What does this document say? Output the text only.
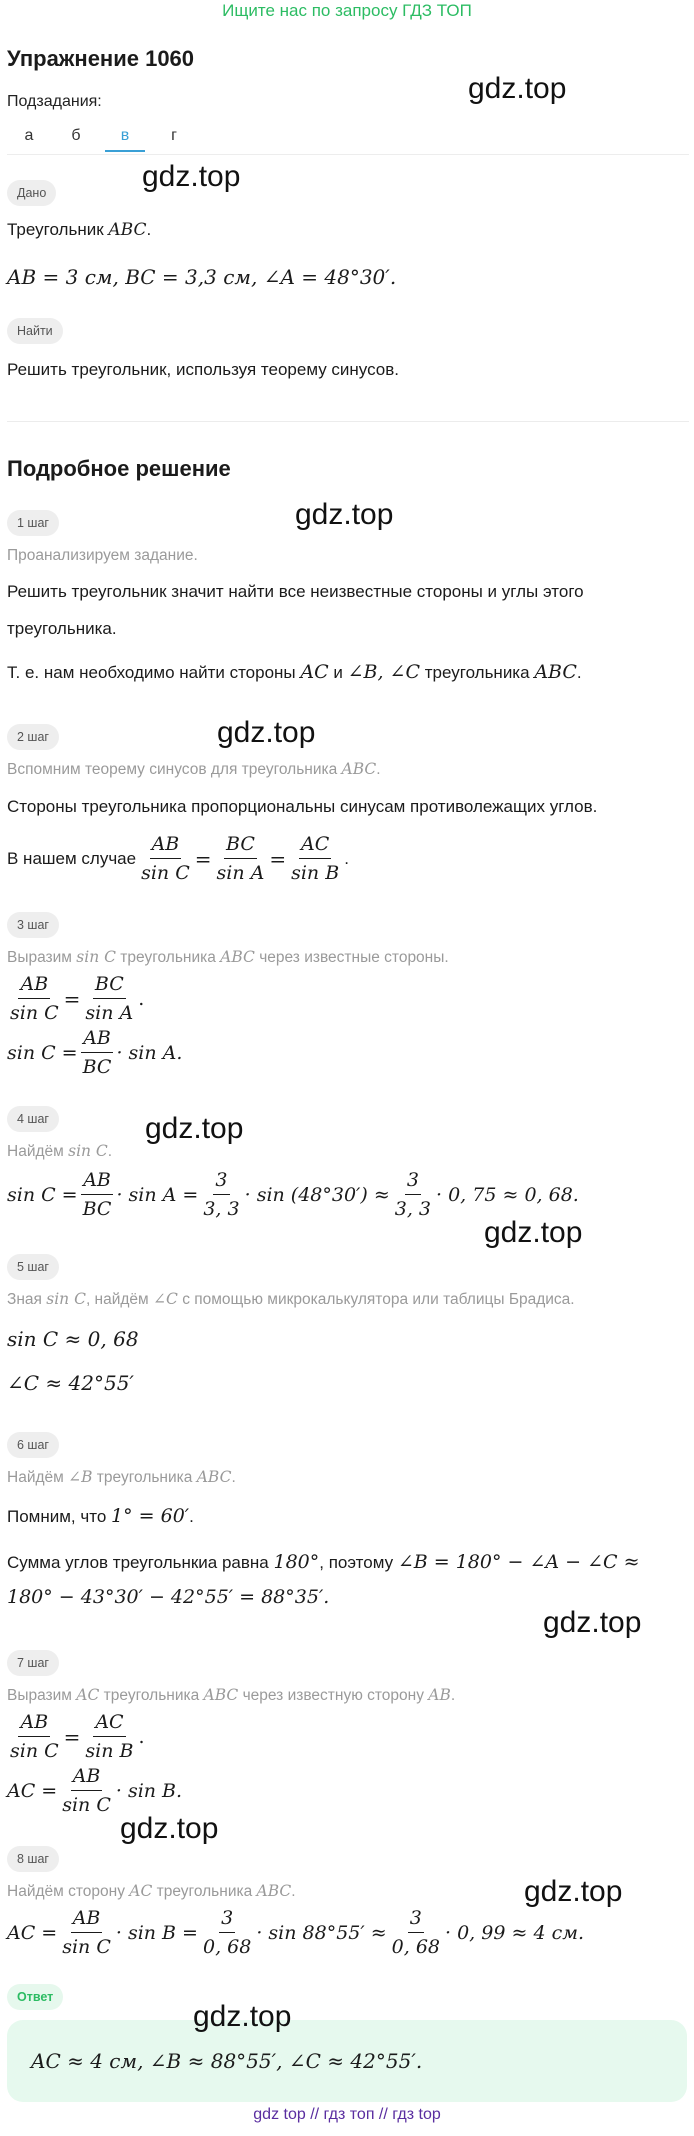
Ищите нас по запросу ГДЗ ТОП
Упражнение 1060
Подзадания:
а	б	в	г
Дано
Треугольник ABC.
AB = 3 см, BC = 3,3 см, ∠A = 48°30′.
Найти
Решить треугольник, используя теорему синусов.
Подробное решение
1 шаг
Проанализируем задание.
Решить треугольник значит найти все неизвестные стороны и углы этого
треугольника.
Т. е. нам необходимо найти стороны AC и ∠B, ∠C треугольника ABC.
2 шаг
Вспомним теорему синусов для треугольника ABC.
Стороны треугольника пропорциональны синусам противолежащих углов.
В нашем случае $\frac{AB}{\text{sin C}} = \frac{BC}{\text{sin A}} = \frac{AC}{\text{sin B}}$ .
3 шаг
Выразим sin C треугольника ABC через известные стороны.
$\frac{AB}{\text{sin C}} = \frac{BC}{\text{sin A}}$ .
$\sin C = \frac{AB}{BC} \cdot \sin A$.
4 шаг
Найдём sin C.
$\sin C = \frac{AB}{BC} \cdot \sin A = \frac{3}{3, 3} \cdot \sin (48^\circ 30') \approx \frac{3}{3, 3} \cdot 0$, 75 ≈ 0, 68.
5 шаг
Зная sin C, найдём ∠C с помощью микрокалькулятора или таблицы Брадиса.
sin C ≈ 0, 68
∠C ≈ 42°55′
6 шаг
Найдём ∠B треугольника ABC.
Помним, что 1° = 60′.
Сумма углов треугольнкиа равна 180°, поэтому ∠B = 180° − ∠A − ∠C ≈
180° − 43°30′ − 42°55′ = 88°35′.
7 шаг
Выразим AC треугольника ABC через известную сторону AB.
$\frac{AB}{\text{sin C}} = \frac{AC}{\text{sin B}}$ .
AC = $\frac{AB}{\text{sin C}} \cdot \sin B$.
8 шаг
Найдём сторону AC треугольника ABC.
AC = $\frac{AB}{\text{sin C}} \cdot \sin B = \frac{3}{0, 68} \cdot \sin 88^\circ 55' \approx \frac{3}{0, 68} \cdot 0$, 99 ≈ 4 см.
Ответ
AC ≈ 4 см, ∠B ≈ 88°55′, ∠C ≈ 42°55′.
gdz.top
gdz.top
gdz.top
gdz.top
gdz.top
gdz.top
gdz.top
gdz.top
gdz.top
gdz.top
gdz top // гдз топ // гдз top
